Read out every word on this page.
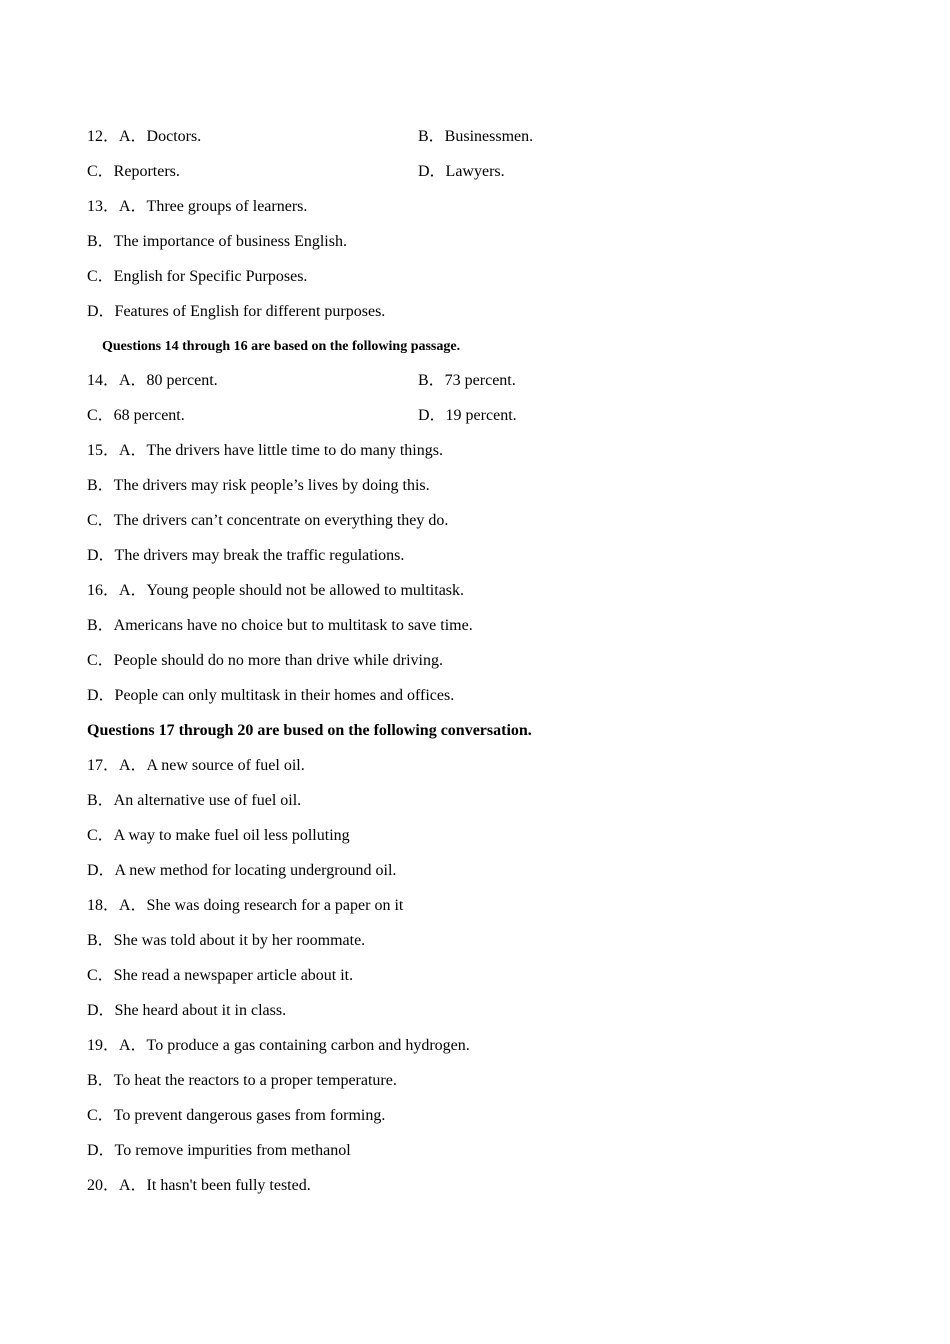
12．A．Doctors.	B．Businessmen.
C．Reporters.	D．Lawyers.
13．A．Three groups of learners.
B．The importance of business English.
C．English for Specific Purposes.
D．Features of English for different purposes.
Questions 14 through 16 are based on the following passage.
14．A．80 percent.	B．73 percent.
C．68 percent.	D．19 percent.
15．A．The drivers have little time to do many things.
B．The drivers may risk people’s lives by doing this.
C．The drivers can’t concentrate on everything they do.
D．The drivers may break the traffic regulations.
16．A．Young people should not be allowed to multitask.
B．Americans have no choice but to multitask to save time.
C．People should do no more than drive while driving.
D．People can only multitask in their homes and offices.
Questions 17 through 20 are bused on the following conversation.
17．A．A new source of fuel oil.
B．An alternative use of fuel oil.
C．A way to make fuel oil less polluting
D．A new method for locating underground oil.
18．A．She was doing research for a paper on it
B．She was told about it by her roommate.
C．She read a newspaper article about it.
D．She heard about it in class.
19．A．To produce a gas containing carbon and hydrogen.
B．To heat the reactors to a proper temperature.
C．To prevent dangerous gases from forming.
D．To remove impurities from methanol
20．A．It hasn't been fully tested.
